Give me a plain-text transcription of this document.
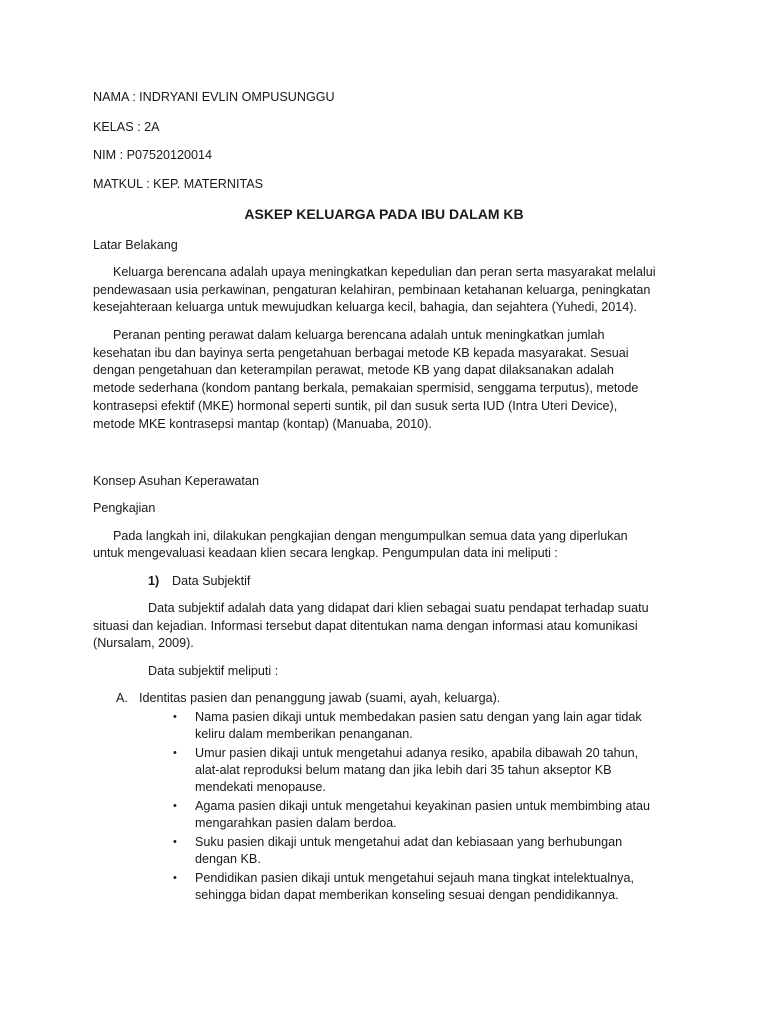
NAMA : INDRYANI EVLIN OMPUSUNGGU
KELAS : 2A
NIM : P07520120014
MATKUL : KEP. MATERNITAS
ASKEP KELUARGA PADA IBU DALAM KB
Latar Belakang
Keluarga berencana adalah upaya meningkatkan kepedulian dan peran serta masyarakat melalui
pendewasaan usia perkawinan, pengaturan kelahiran, pembinaan ketahanan keluarga, peningkatan
kesejahteraan keluarga untuk mewujudkan keluarga kecil, bahagia, dan sejahtera (Yuhedi, 2014).
Peranan penting perawat dalam keluarga berencana adalah untuk meningkatkan jumlah
kesehatan ibu dan bayinya serta pengetahuan berbagai metode KB kepada masyarakat. Sesuai
dengan pengetahuan dan keterampilan perawat, metode KB yang dapat dilaksanakan adalah
metode sederhana (kondom pantang berkala, pemakaian spermisid, senggama terputus), metode
kontrasepsi efektif (MKE) hormonal seperti suntik, pil dan susuk serta IUD (Intra Uteri Device),
metode MKE kontrasepsi mantap (kontap) (Manuaba, 2010).
Konsep Asuhan Keperawatan
Pengkajian
Pada langkah ini, dilakukan pengkajian dengan mengumpulkan semua data yang diperlukan
untuk mengevaluasi keadaan klien secara lengkap. Pengumpulan data ini meliputi :
1) Data Subjektif
Data subjektif adalah data yang didapat dari klien sebagai suatu pendapat terhadap suatu
situasi dan kejadian. Informasi tersebut dapat ditentukan nama dengan informasi atau komunikasi
(Nursalam, 2009).
Data subjektif meliputi :
A. Identitas pasien dan penanggung jawab (suami, ayah, keluarga).
• Nama pasien dikaji untuk membedakan pasien satu dengan yang lain agar tidak
keliru dalam memberikan penanganan.
• Umur pasien dikaji untuk mengetahui adanya resiko, apabila dibawah 20 tahun,
alat-alat reproduksi belum matang dan jika lebih dari 35 tahun akseptor KB
mendekati menopause.
• Agama pasien dikaji untuk mengetahui keyakinan pasien untuk membimbing atau
mengarahkan pasien dalam berdoa.
• Suku pasien dikaji untuk mengetahui adat dan kebiasaan yang berhubungan
dengan KB.
• Pendidikan pasien dikaji untuk mengetahui sejauh mana tingkat intelektualnya,
sehingga bidan dapat memberikan konseling sesuai dengan pendidikannya.
